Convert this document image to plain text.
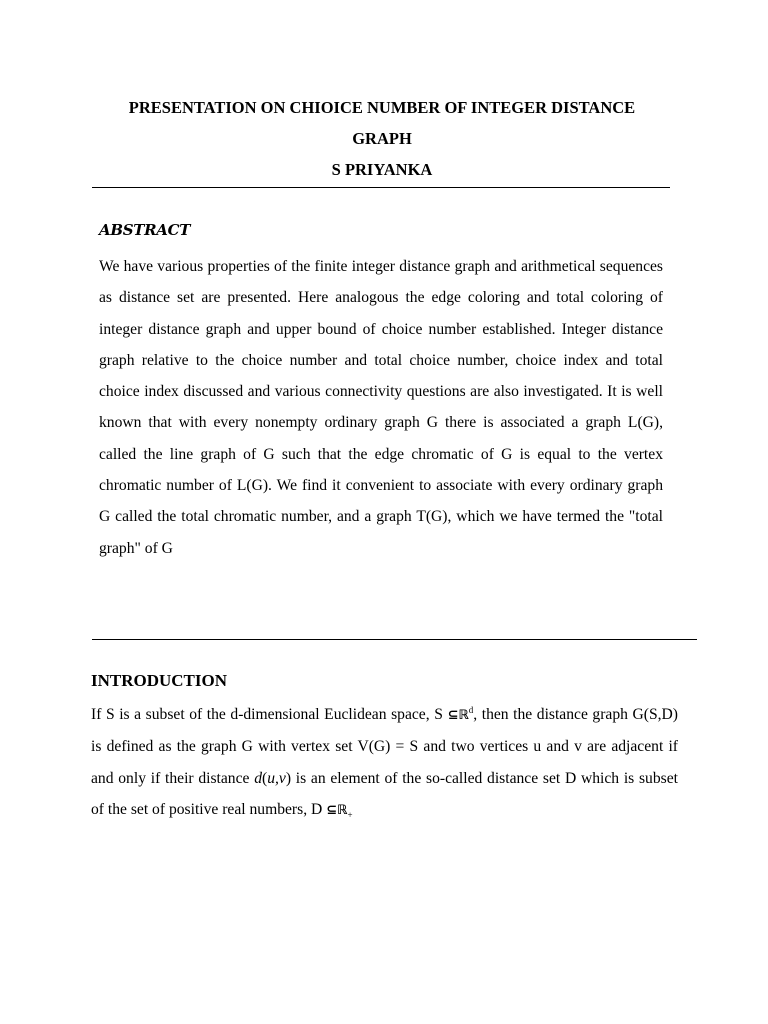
PRESENTATION ON CHIOICE NUMBER OF INTEGER DISTANCE
GRAPH
S PRIYANKA
ABSTRACT

We have various properties of the finite integer distance graph and arithmetical sequences as distance set are presented. Here analogous the edge coloring and total coloring of integer distance graph and upper bound of choice number established. Integer distance graph relative to the choice number and total choice number, choice index and total choice index discussed and various connectivity questions are also investigated. It is well known that with every nonempty ordinary graph G there is associated a graph L(G), called the line graph of G such that the edge chromatic of G is equal to the vertex chromatic number of L(G). We find it convenient to associate with every ordinary graph G called the total chromatic number, and a graph T(G), which we have termed the "total graph" of G

INTRODUCTION

If S is a subset of the d-dimensional Euclidean space, S ⊆ℝ$^d$, then the distance graph G(S,D) is defined as the graph G with vertex set V(G) = S and two vertices u and v are adjacent if and only if their distance d(u,v) is an element of the so-called distance set D which is subset of the set of positive real numbers, D ⊆ℝ$_+$
